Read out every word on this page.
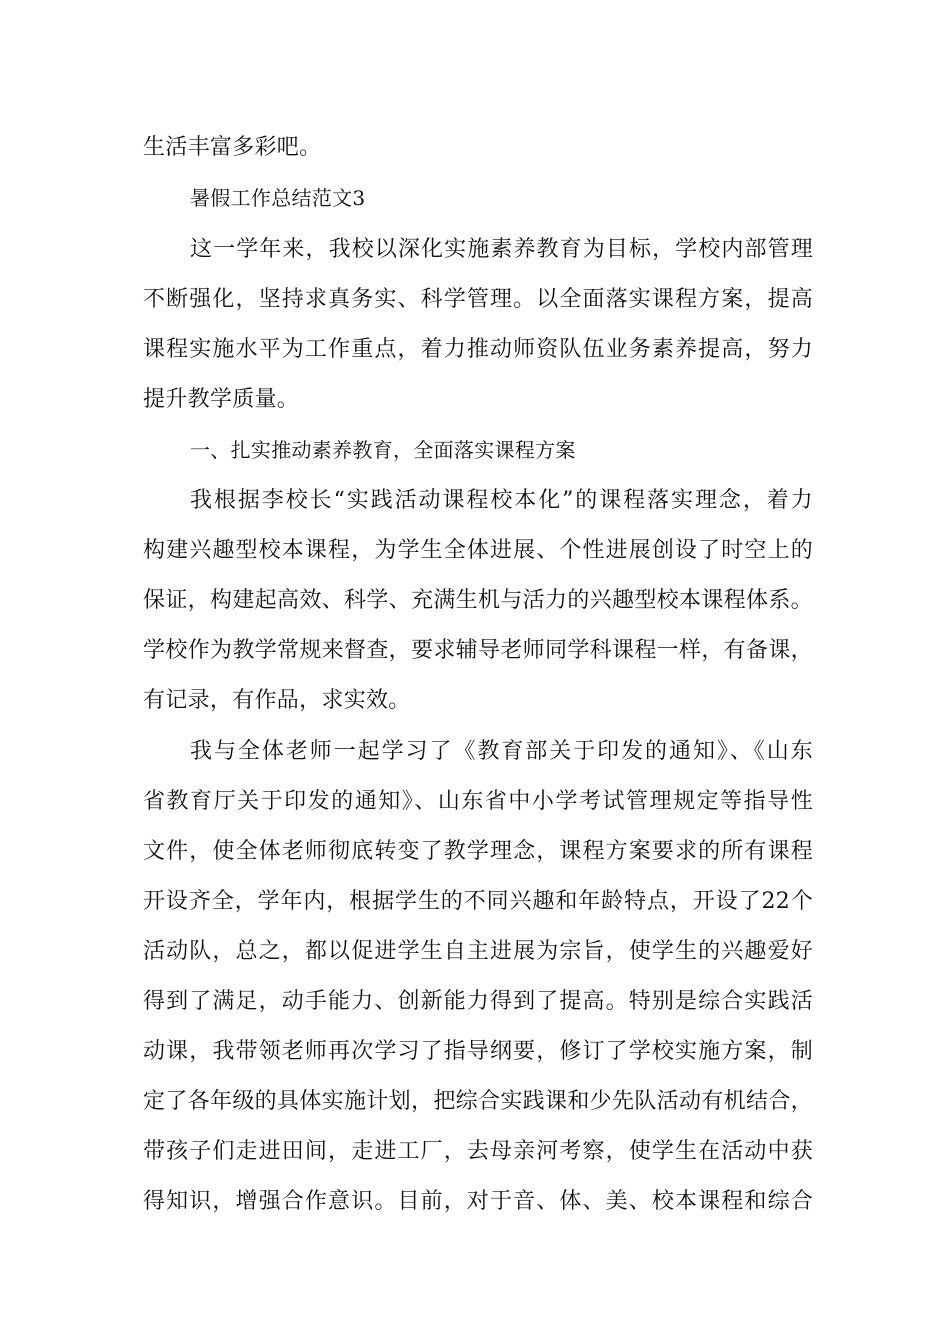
生活丰富多彩吧。
暑假工作总结范文3
这一学年来，我校以深化实施素养教育为目标，学校内部管理
不断强化，坚持求真务实、科学管理。以全面落实课程方案，提高
课程实施水平为工作重点，着力推动师资队伍业务素养提高，努力
提升教学质量。
一、扎实推动素养教育，全面落实课程方案
我根据李校长“实践活动课程校本化”的课程落实理念，着力
构建兴趣型校本课程，为学生全体进展、个性进展创设了时空上的
保证，构建起高效、科学、充满生机与活力的兴趣型校本课程体系。
学校作为教学常规来督查，要求辅导老师同学科课程一样，有备课，
有记录，有作品，求实效。
我与全体老师一起学习了《教育部关于印发的通知》、《山东
省教育厅关于印发的通知》、山东省中小学考试管理规定等指导性
文件，使全体老师彻底转变了教学理念，课程方案要求的所有课程
开设齐全，学年内，根据学生的不同兴趣和年龄特点，开设了22个
活动队，总之，都以促进学生自主进展为宗旨，使学生的兴趣爱好
得到了满足，动手能力、创新能力得到了提高。特别是综合实践活
动课，我带领老师再次学习了指导纲要，修订了学校实施方案，制
定了各年级的具体实施计划，把综合实践课和少先队活动有机结合，
带孩子们走进田间，走进工厂，去母亲河考察，使学生在活动中获
得知识，增强合作意识。目前，对于音、体、美、校本课程和综合
